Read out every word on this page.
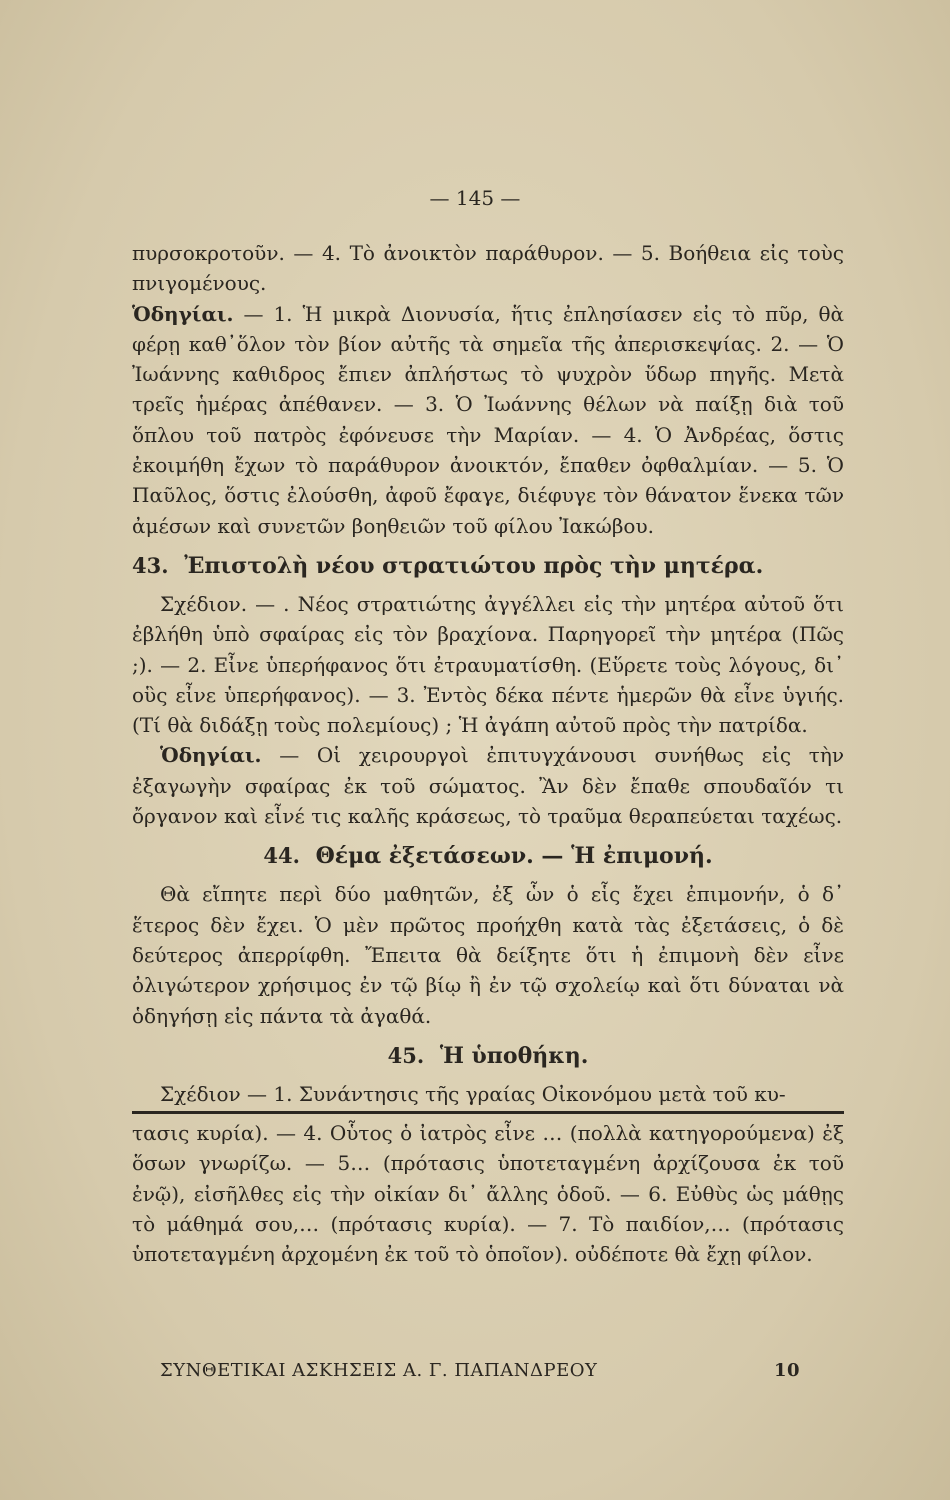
— 145 —

πυρσοκροτοῦν. — 4. Τὸ ἀνοικτὸν παράθυρον. — 5. Βοήθεια εἰς τοὺς πνιγομένους.

Ὁδηγίαι. — 1. Ἡ μικρὰ Διονυσία, ἥτις ἐπλησίασεν εἰς τὸ πῦρ, θὰ φέρῃ καθ᾽ὅλον τὸν βίον αὐτῆς τὰ σημεῖα τῆς ἀπερισκεψίας. 2. — Ὁ Ἰωάννης καθιδρος ἔπιεν ἀπλήστως τὸ ψυχρὸν ὕδωρ πηγῆς. Μετὰ τρεῖς ἡμέρας ἀπέθανεν. — 3. Ὁ Ἰωάννης θέλων νὰ παίξῃ διὰ τοῦ ὅπλου τοῦ πατρὸς ἐφόνευσε τὴν Μαρίαν. — 4. Ὁ Ἀνδρέας, ὅστις ἐκοιμήθη ἔχων τὸ παράθυρον ἀνοικτόν, ἔπαθεν ὀφθαλμίαν. — 5. Ὁ Παῦλος, ὅστις ἐλούσθη, ἀφοῦ ἔφαγε, διέφυγε τὸν θάνατον ἕνεκα τῶν ἀμέσων καὶ συνετῶν βοηθειῶν τοῦ φίλου Ἰακώβου.

43. Ἐπιστολὴ νέου στρατιώτου πρὸς τὴν μητέρα.

Σχέδιον. — . Νέος στρατιώτης ἀγγέλλει εἰς τὴν μητέρα αὐτοῦ ὅτι ἐβλήθη ὑπὸ σφαίρας εἰς τὸν βραχίονα. Παρηγορεῖ τὴν μητέρα (Πῶς ;). — 2. Εἶνε ὑπερήφανος ὅτι ἐτραυματίσθη. (Εὕρετε τοὺς λόγους, δι᾽ οὓς εἶνε ὑπερήφανος). — 3. Ἐντὸς δέκα πέντε ἡμερῶν θὰ εἶνε ὑγιής. (Τί θὰ διδάξῃ τοὺς πολεμίους) ; Ἡ ἀγάπη αὐτοῦ πρὸς τὴν πατρίδα.

Ὁδηγίαι. — Οἱ χειρουργοὶ ἐπιτυγχάνουσι συνήθως εἰς τὴν ἐξαγωγὴν σφαίρας ἐκ τοῦ σώματος. Ἂν δὲν ἔπαθε σπουδαῖόν τι ὄργανον καὶ εἶνέ τις καλῆς κράσεως, τὸ τραῦμα θεραπεύεται ταχέως.

44. Θέμα ἐξετάσεων. — Ἡ ἐπιμονή.

Θὰ εἴπητε περὶ δύο μαθητῶν, ἐξ ὧν ὁ εἷς ἔχει ἐπιμονήν, ὁ δ᾽ ἕτερος δὲν ἔχει. Ὁ μὲν πρῶτος προήχθη κατὰ τὰς ἐξετάσεις, ὁ δὲ δεύτερος ἀπερρίφθη. Ἔπειτα θὰ δείξητε ὅτι ἡ ἐπιμονὴ δὲν εἶνε ὀλιγώτερον χρήσιμος ἐν τῷ βίῳ ἢ ἐν τῷ σχολείῳ καὶ ὅτι δύναται νὰ ὁδηγήσῃ εἰς πάντα τὰ ἀγαθά.

45. Ἡ ὑποθήκη.

Σχέδιον — 1. Συνάντησις τῆς γραίας Οἰκονόμου μετὰ τοῦ κυ-

τασις κυρία). — 4. Οὗτος ὁ ἰατρὸς εἶνε … (πολλὰ κατηγορούμενα) ἐξ ὅσων γνωρίζω. — 5… (πρότασις ὑποτεταγμένη ἀρχίζουσα ἐκ τοῦ ἐνῷ), εἰσῆλθες εἰς τὴν οἰκίαν δι᾽ ἄλλης ὁδοῦ. — 6. Εὐθὺς ὡς μάθῃς τὸ μάθημά σου,… (πρότασις κυρία). — 7. Τὸ παιδίον,… (πρότασις ὑποτεταγμένη ἀρχομένη ἐκ τοῦ τὸ ὁποῖον). οὐδέποτε θὰ ἔχῃ φίλον.

ΣΥΝΘΕΤΙΚΑΙ ΑΣΚΗΣΕΙΣ Α. Γ. ΠΑΠΑΝΔΡΕΟΥ	10
